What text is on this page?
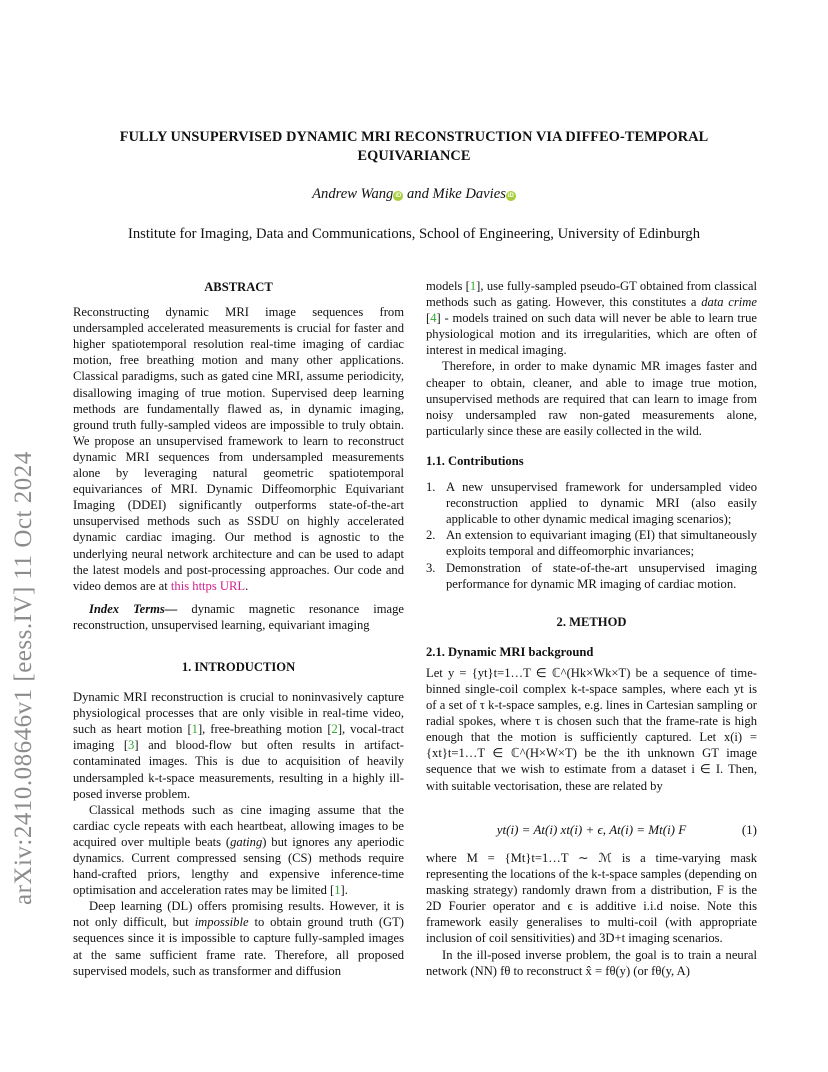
FULLY UNSUPERVISED DYNAMIC MRI RECONSTRUCTION VIA DIFFEO-TEMPORAL
EQUIVARIANCE
Andrew Wang iD and Mike Davies iD
Institute for Imaging, Data and Communications, School of Engineering, University of Edinburgh
arXiv:2410.08646v1 [eess.IV] 11 Oct 2024
ABSTRACT

Reconstructing dynamic MRI image sequences from undersampled accelerated measurements is crucial for faster and higher spatiotemporal resolution real-time imaging of cardiac motion, free breathing motion and many other applications. Classical paradigms, such as gated cine MRI, assume periodicity, disallowing imaging of true motion. Supervised deep learning methods are fundamentally flawed as, in dynamic imaging, ground truth fully-sampled videos are impossible to truly obtain. We propose an unsupervised framework to learn to reconstruct dynamic MRI sequences from undersampled measurements alone by leveraging natural geometric spatiotemporal equivariances of MRI. Dynamic Diffeomorphic Equivariant Imaging (DDEI) significantly outperforms state-of-the-art unsupervised methods such as SSDU on highly accelerated dynamic cardiac imaging. Our method is agnostic to the underlying neural network architecture and can be used to adapt the latest models and post-processing approaches. Our code and video demos are at this https URL.

Index Terms— dynamic magnetic resonance image reconstruction, unsupervised learning, equivariant imaging

1. INTRODUCTION

Dynamic MRI reconstruction is crucial to noninvasively capture physiological processes that are only visible in real-time video, such as heart motion [1], free-breathing motion [2], vocal-tract imaging [3] and blood-flow but often results in artifact-contaminated images. This is due to acquisition of heavily undersampled k-t-space measurements, resulting in a highly ill-posed inverse problem.

Classical methods such as cine imaging assume that the cardiac cycle repeats with each heartbeat, allowing images to be acquired over multiple beats (gating) but ignores any aperiodic dynamics. Current compressed sensing (CS) methods require hand-crafted priors, lengthy and expensive inference-time optimisation and acceleration rates may be limited [1].

Deep learning (DL) offers promising results. However, it is not only difficult, but impossible to obtain ground truth (GT) sequences since it is impossible to capture fully-sampled images at the same sufficient frame rate. Therefore, all proposed supervised models, such as transformer and diffusion

models [1], use fully-sampled pseudo-GT obtained from classical methods such as gating. However, this constitutes a data crime [4] - models trained on such data will never be able to learn true physiological motion and its irregularities, which are often of interest in medical imaging.

Therefore, in order to make dynamic MR images faster and cheaper to obtain, cleaner, and able to image true motion, unsupervised methods are required that can learn to image from noisy undersampled raw non-gated measurements alone, particularly since these are easily collected in the wild.

1.1. Contributions
1. A new unsupervised framework for undersampled video reconstruction applied to dynamic MRI (also easily applicable to other dynamic medical imaging scenarios);
2. An extension to equivariant imaging (EI) that simultaneously exploits temporal and diffeomorphic invariances;
3. Demonstration of state-of-the-art unsupervised imaging performance for dynamic MR imaging of cardiac motion.
2. METHOD
2.1. Dynamic MRI background

Let y = {yt}t=1…T ∈ ℂ^(Hk×Wk×T) be a sequence of time-binned single-coil complex k-t-space samples, where each yt is of a set of τ k-t-space samples, e.g. lines in Cartesian sampling or radial spokes, where τ is chosen such that the frame-rate is high enough that the motion is sufficiently captured. Let x(i) = {xt}t=1…T ∈ ℂ^(H×W×T) be the ith unknown GT image sequence that we wish to estimate from a dataset i ∈ I. Then, with suitable vectorisation, these are related by

yt(i) = At(i) xt(i) + ϵ, At(i) = Mt(i) F	(1)

where M = {Mt}t=1…T ∼ ℳ is a time-varying mask representing the locations of the k-t-space samples (depending on masking strategy) randomly drawn from a distribution, F is the 2D Fourier operator and ϵ is additive i.i.d noise. Note this framework easily generalises to multi-coil (with appropriate inclusion of coil sensitivities) and 3D+t imaging scenarios.

In the ill-posed inverse problem, the goal is to train a neural network (NN) fθ to reconstruct x̂ = fθ(y) (or fθ(y, A)
